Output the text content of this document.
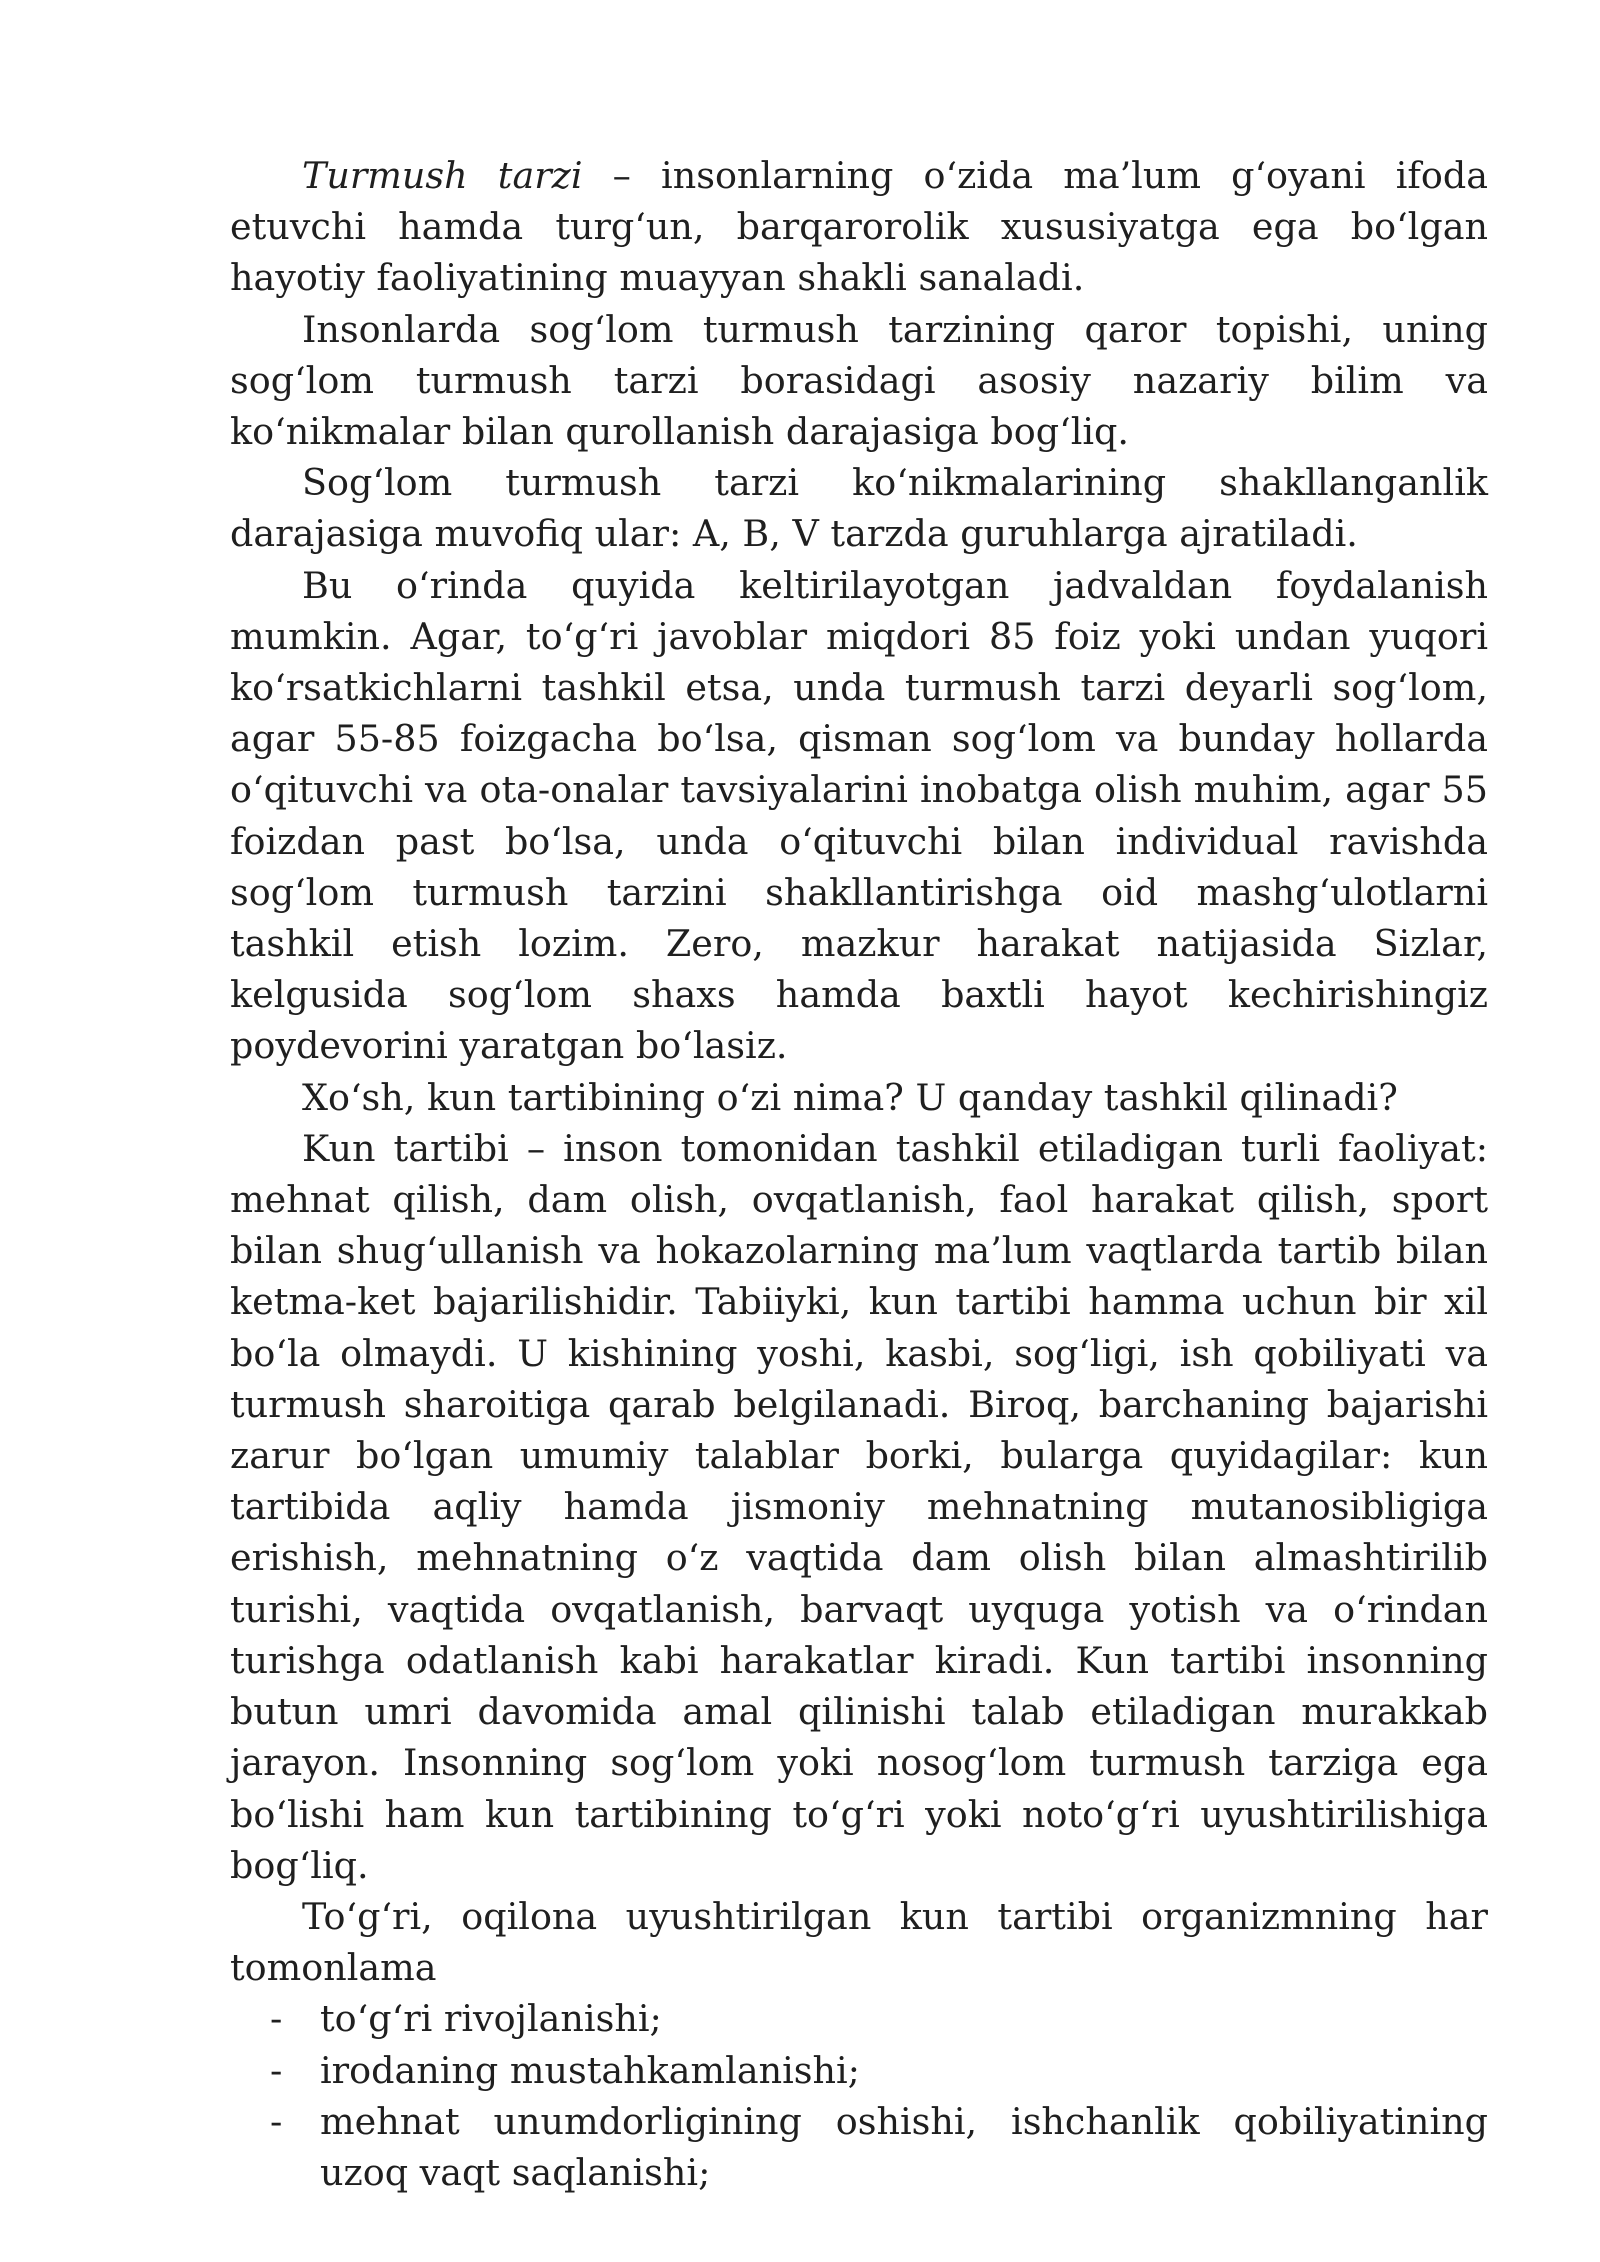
Turmush tarzi – insonlarning o‘zida ma’lum g‘oyani ifoda etuvchi hamda turg‘un, barqarorolik xususiyatga ega bo‘lgan hayotiy faoliyatining muayyan shakli sanaladi.

Insonlarda sog‘lom turmush tarzining qaror topishi, uning sog‘lom turmush tarzi borasidagi asosiy nazariy bilim va ko‘nikmalar bilan qurollanish darajasiga bog‘liq.

Sog‘lom turmush tarzi ko‘nikmalarining shakllanganlik darajasiga muvofiq ular: A, B, V tarzda guruhlarga ajratiladi.

Bu o‘rinda quyida keltirilayotgan jadvaldan foydalanish mumkin. Agar, to‘g‘ri javoblar miqdori 85 foiz yoki undan yuqori ko‘rsatkichlarni tashkil etsa, unda turmush tarzi deyarli sog‘lom, agar 55-85 foizgacha bo‘lsa, qisman sog‘lom va bunday hollarda o‘qituvchi va ota-onalar tavsiyalarini inobatga olish muhim, agar 55 foizdan past bo‘lsa, unda o‘qituvchi bilan individual ravishda sog‘lom turmush tarzini shakllantirishga oid mashg‘ulotlarni tashkil etish lozim. Zero, mazkur harakat natijasida Sizlar, kelgusida sog‘lom shaxs hamda baxtli hayot kechirishingiz poydevorini yaratgan bo‘lasiz.

Xo‘sh, kun tartibining o‘zi nima? U qanday tashkil qilinadi?

Kun tartibi – inson tomonidan tashkil etiladigan turli faoliyat: mehnat qilish, dam olish, ovqatlanish, faol harakat qilish, sport bilan shug‘ullanish va hokazolarning ma’lum vaqtlarda tartib bilan ketma-ket bajarilishidir. Tabiiyki, kun tartibi hamma uchun bir xil bo‘la olmaydi. U kishining yoshi, kasbi, sog‘ligi, ish qobiliyati va turmush sharoitiga qarab belgilanadi. Biroq, barchaning bajarishi zarur bo‘lgan umumiy talablar borki, bularga quyidagilar: kun tartibida aqliy hamda jismoniy mehnatning mutanosibligiga erishish, mehnatning o‘z vaqtida dam olish bilan almashtirilib turishi, vaqtida ovqatlanish, barvaqt uyquga yotish va o‘rindan turishga odatlanish kabi harakatlar kiradi. Kun tartibi insonning butun umri davomida amal qilinishi talab etiladigan murakkab jarayon. Insonning sog‘lom yoki nosog‘lom turmush tarziga ega bo‘lishi ham kun tartibining to‘g‘ri yoki noto‘g‘ri uyushtirilishiga bog‘liq.

To‘g‘ri, oqilona uyushtirilgan kun tartibi organizmning har tomonlama

- to‘g‘ri rivojlanishi;
- irodaning mustahkamlanishi;
- mehnat unumdorligining oshishi, ishchanlik qobiliyatining uzoq vaqt saqlanishi;
